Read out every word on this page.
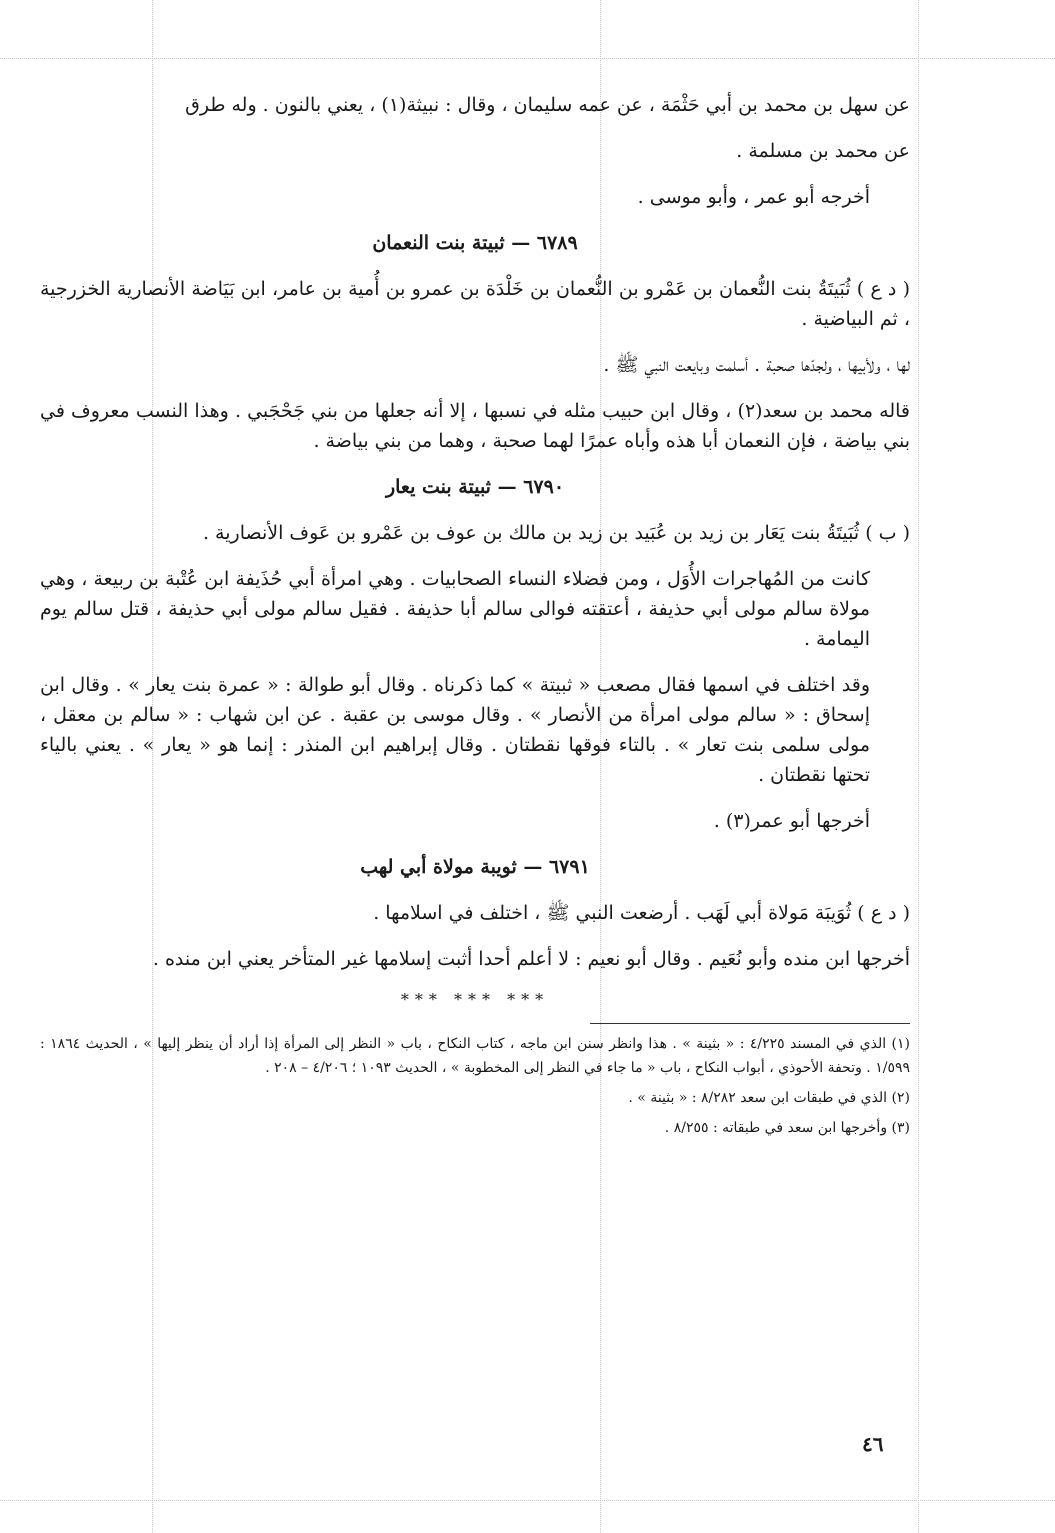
عن سهل بن محمد بن أبي حَثْمَة ، عن عمه سليمان ، وقال : نبيثة(١) ، يعني بالنون . وله طرق
عن محمد بن مسلمة .
أخرجه أبو عمر ، وأبو موسى .
٦٧٨٩ — ثبيتة بنت النعمان
( د ع ) ثُبَيتَةُ بنت النُّعمان بن عَمْرو بن النُّعمان بن خَلْدَة بن عمرو بن أُمية بن عامر، ابن بَيَاضة الأنصارية الخزرجية ، ثم البياضية .
لها ، ولأبيها ، ولجدّها صحبة . أسلمت وبايعت النبي ﷺ .
قاله محمد بن سعد(٢) ، وقال ابن حبيب مثله في نسبها ، إلا أنه جعلها من بني جَحْجَبي . وهذا النسب معروف في بني بياضة ، فإن النعمان أبا هذه وأباه عمرًا لهما صحبة ، وهما من بني بياضة .
٦٧٩٠ — ثبيتة بنت يعار
( ب ) ثُبَيتَةُ بنت يَعَار بن زيد بن عُبَيد بن زيد بن مالك بن عوف بن عَمْرو بن عَوف الأنصارية .
كانت من المُهاجرات الأُوَل ، ومن فضلاء النساء الصحابيات . وهي امرأة أبي حُذَيفة ابن عُتْبة بن ربيعة ، وهي مولاة سالم مولى أبي حذيفة ، أعتقته فوالى سالم أبا حذيفة . فقيل سالم مولى أبي حذيفة ، قتل سالم يوم اليمامة .
وقد اختلف في اسمها فقال مصعب « ثبيتة » كما ذكرناه . وقال أبو طوالة : « عمرة بنت يعار » . وقال ابن إسحاق : « سالم مولى امرأة من الأنصار » . وقال موسى بن عقبة . عن ابن شهاب : « سالم بن معقل ، مولى سلمى بنت تعار » . بالتاء فوقها نقطتان . وقال إبراهيم ابن المنذر : إنما هو « يعار » . يعني بالياء تحتها نقطتان .
أخرجها أبو عمر(٣) .
٦٧٩١ — ثويبة مولاة أبي لهب
( د ع ) ثُوَيبَة مَولاة أبي لَهَب . أرضعت النبي ﷺ ، اختلف في اسلامها .
أخرجها ابن منده وأبو نُعَيم . وقال أبو نعيم : لا أعلم أحدا أثبت إسلامها غير المتأخر يعني ابن منده .
*** *** ***

(١) الذي في المسند ٤/٢٢٥ : « بثينة » . هذا وانظر سنن ابن ماجه ، كتاب النكاح ، باب « النظر إلى المرأة إذا أراد أن ينظر إليها » ، الحديث ١٨٦٤ : ١/٥٩٩ . وتحفة الأحوذي ، أبواب النكاح ، باب « ما جاء في النظر إلى المخطوبة » ، الحديث ١٠٩٣ ؛ ٤/٢٠٦ – ٢٠٨ .

(٢) الذي في طبقات ابن سعد ٨/٢٨٢ : « بثينة » .

(٣) وأخرجها ابن سعد في طبقاته : ٨/٢٥٥ .

٤٦
